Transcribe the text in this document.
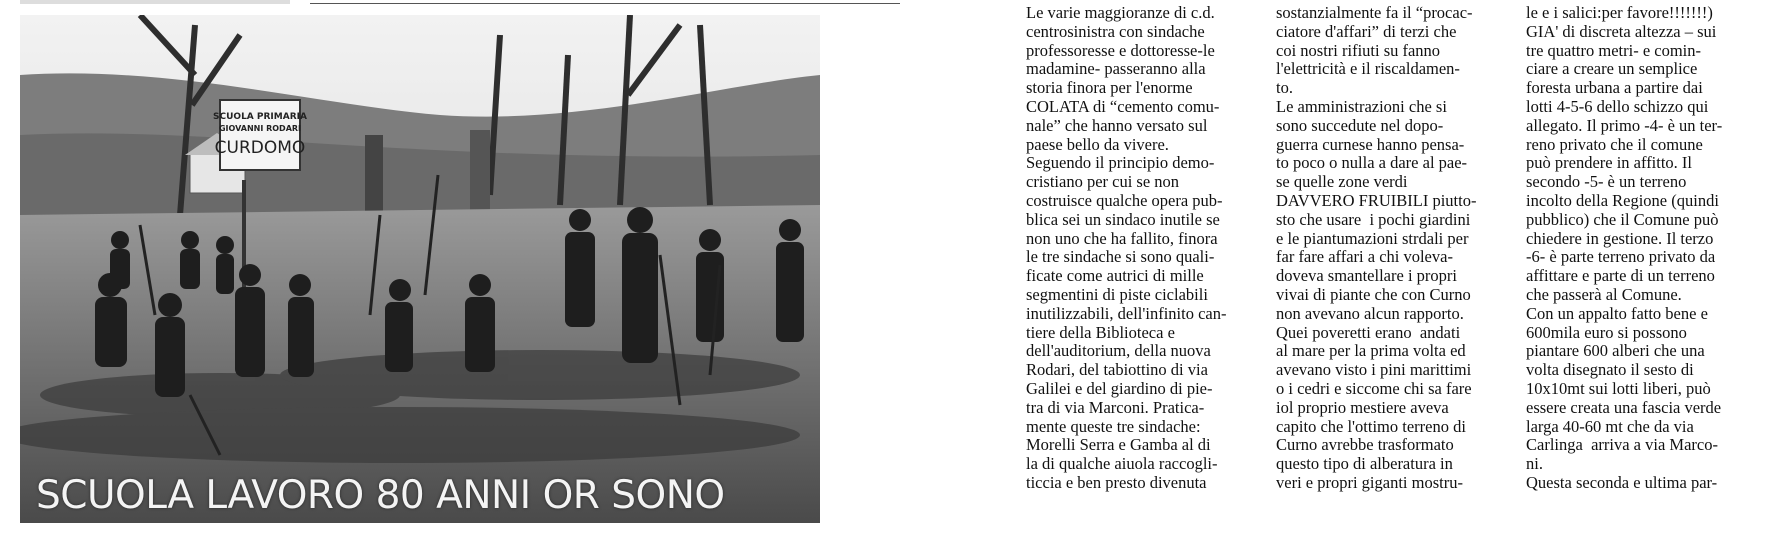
SCUOLA PRIMARIA
GIOVANNI RODARI
CURDOMO

SCUOLA LAVORO 80 ANNI OR SONO

Le varie maggioranze di c.d.

centrosinistra con sindache

professoresse e dottoresse-le

madamine- passeranno alla

storia finora per l'enorme

COLATA di “cemento comu-

nale” che hanno versato sul

paese bello da vivere.

Seguendo il principio demo-

cristiano per cui se non

costruisce qualche opera pub-

blica sei un sindaco inutile se

non uno che ha fallito, finora

le tre sindache si sono quali-

ficate come autrici di mille

segmentini di piste ciclabili

inutilizzabili, dell'infinito can-

tiere della Biblioteca e

dell'auditorium, della nuova

Rodari, del tabiottino di via

Galilei e del giardino di pie-

tra di via Marconi. Pratica-

mente queste tre sindache:

Morelli Serra e Gamba al di

la di qualche aiuola raccogli-

ticcia e ben presto divenuta

sostanzialmente fa il “procac-

ciatore d'affari” di terzi che

coi nostri rifiuti su fanno

l'elettricità e il riscaldamen-

to.

Le amministrazioni che si

sono succedute nel dopo-

guerra curnese hanno pensa-

to poco o nulla a dare al pae-

se quelle zone verdi

DAVVERO FRUIBILI piutto-

sto che usare  i pochi giardini

e le piantumazioni strdali per

far fare affari a chi voleva-

doveva smantellare i propri

vivai di piante che con Curno

non avevano alcun rapporto.

Quei poveretti erano  andati

al mare per la prima volta ed

avevano visto i pini marittimi

o i cedri e siccome chi sa fare

iol proprio mestiere aveva

capito che l'ottimo terreno di

Curno avrebbe trasformato

questo tipo di alberatura in

veri e propri giganti mostru-

le e i salici:per favore!!!!!!!)

GIA' di discreta altezza – sui

tre quattro metri- e comin-

ciare a creare un semplice

foresta urbana a partire dai

lotti 4-5-6 dello schizzo qui

allegato. Il primo -4- è un ter-

reno privato che il comune

può prendere in affitto. Il

secondo -5- è un terreno

incolto della Regione (quindi

pubblico) che il Comune può

chiedere in gestione. Il terzo

-6- è parte terreno privato da

affittare e parte di un terreno

che passerà al Comune.

Con un appalto fatto bene e

600mila euro si possono

piantare 600 alberi che una

volta disegnato il sesto di

10x10mt sui lotti liberi, può

essere creata una fascia verde

larga 40-60 mt che da via

Carlinga  arriva a via Marco-

ni.

Questa seconda e ultima par-
